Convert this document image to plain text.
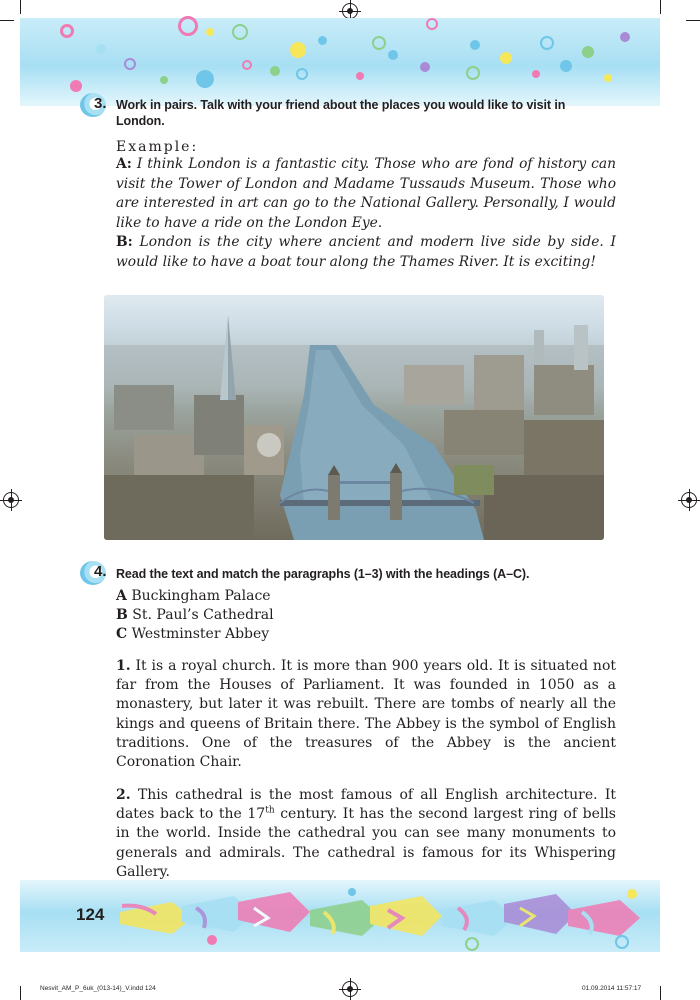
3. Work in pairs. Talk with your friend about the places you would like to visit in London.
Example:

A: I think London is a fantastic city. Those who are fond of history can visit the Tower of London and Madame Tussauds Museum. Those who are interested in art can go to the National Gallery. Personally, I would like to have a ride on the London Eye.

B: London is the city where ancient and modern live side by side. I would like to have a boat tour along the Thames River. It is exciting!

4. Read the text and match the paragraphs (1–3) with the headings (A–C).
A Buckingham Palace
B St. Paul’s Cathedral
C Westminster Abbey
1. It is a royal church. It is more than 900 years old. It is situated not far from the Houses of Parliament. It was founded in 1050 as a monastery, but later it was rebuilt. There are tombs of nearly all the kings and queens of Britain there. The Abbey is the symbol of English traditions. One of the treasures of the Abbey is the ancient Coronation Chair.
2. This cathedral is the most famous of all English architecture. It dates back to the 17th century. It has the second largest ring of bells in the world. Inside the cathedral you can see many monuments to generals and admirals. The cathedral is famous for its Whispering Gallery.
124
Nesvit_AM_P_6uk_(013-14)_V.indd 124	01.09.2014 11:57:17
